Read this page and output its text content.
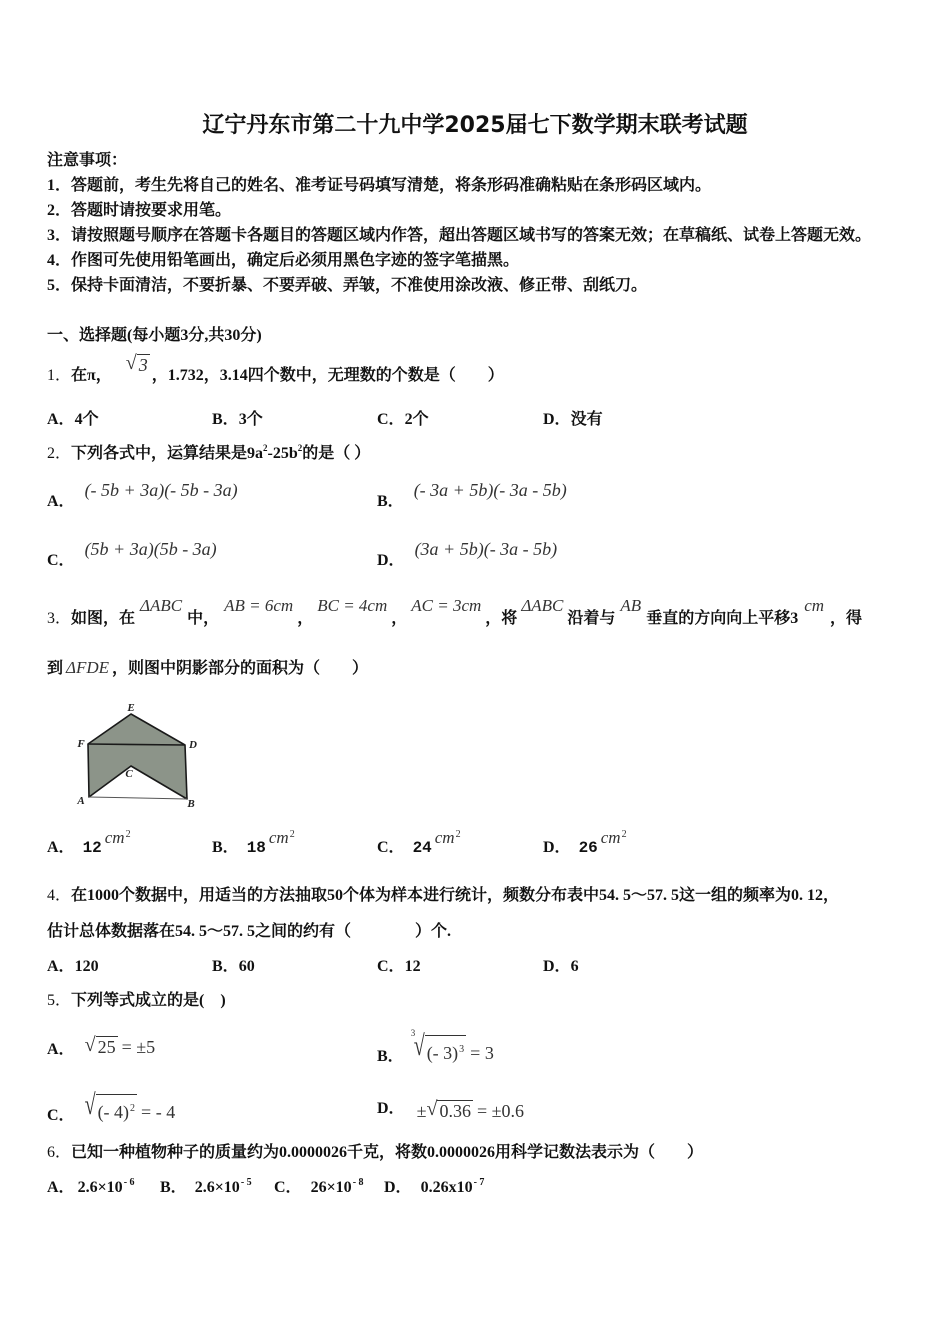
辽宁丹东市第二十九中学2025届七下数学期末联考试题
注意事项：
1．答题前，考生先将自己的姓名、准考证号码填写清楚，将条形码准确粘贴在条形码区域内。
2．答题时请按要求用笔。
3．请按照题号顺序在答题卡各题目的答题区域内作答，超出答题区域书写的答案无效；在草稿纸、试卷上答题无效。
4．作图可先使用铅笔画出，确定后必须用黑色字迹的签字笔描黑。
5．保持卡面清洁，不要折暴、不要弄破、弄皱，不准使用涂改液、修正带、刮纸刀。
一、选择题(每小题3分,共30分)
1．在π，
√ 3，1.732，3.14四个数中，无理数的个数是（　　）
A．4个	B．3个	C．2个	D．没有
2．下列各式中，运算结果是9a2-25b2的是（ ）
A．(- 5b + 3a)(- 5b - 3a)
B．(- 3a + 5b)(- 3a - 5b)
C．(5b + 3a)(5b - 3a)
D．(3a + 5b)(- 3a - 5b)
3．如图，在ΔABC中，AB = 6cm，BC = 4cm，AC = 3cm，将ΔABC沿着与AB垂直的方向向上平移3cm，得
到 ΔFDE ，则图中阴影部分的面积为（　　）
E
F	D
C
A	B
A． 12cm2
B． 18cm2
C． 24cm2
D． 26cm2
4．在1000个数据中，用适当的方法抽取50个体为样本进行统计，频数分布表中54. 5～57. 5这一组的频率为0. 12，
估计总体数据落在54. 5～57. 5之间的约有（　　　　）个.
A．120	B．60	C．12	D．6
5．下列等式成立的是(　)
A． √ 25 = ±5	B．
3
√ (- 3)3 = 3
C． √ (- 4)2 = - 4	D． ± √ 0.36 = ±0.6
6．已知一种植物种子的质量约为0.0000026千克，将数0.0000026用科学记数法表示为（　　）
A． 2.6×10- 6 B． 2.6×10- 5 C． 26×10- 8 D． 0.26x10- 7
